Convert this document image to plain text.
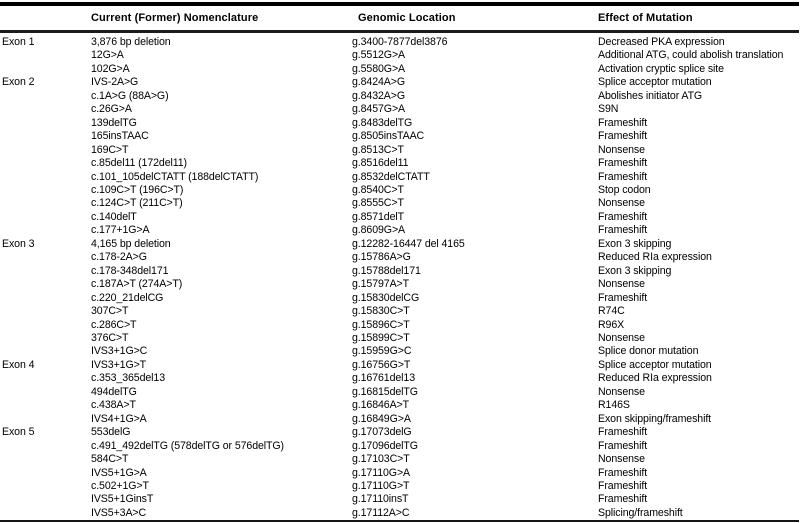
	Current (Former) Nomenclature	Genomic Location	Effect of Mutation
Exon 1	3,876 bp deletion	g.3400-7877del3876	Decreased PKA expression
	12G>A	g.5512G>A	Additional ATG, could abolish translation
	102G>A	g.5580G>A	Activation cryptic splice site
Exon 2	IVS-2A>G	g.8424A>G	Splice acceptor mutation
	c.1A>G (88A>G)	g.8432A>G	Abolishes initiator ATG
	c.26G>A	g.8457G>A	S9N
	139delTG	g.8483delTG	Frameshift
	165insTAAC	g.8505insTAAC	Frameshift
	169C>T	g.8513C>T	Nonsense
	c.85del11 (172del11)	g.8516del11	Frameshift
	c.101_105delCTATT (188delCTATT)	g.8532delCTATT	Frameshift
	c.109C>T (196C>T)	g.8540C>T	Stop codon
	c.124C>T (211C>T)	g.8555C>T	Nonsense
	c.140delT	g.8571delT	Frameshift
	c.177+1G>A	g.8609G>A	Frameshift
Exon 3	4,165 bp deletion	g.12282-16447 del 4165	Exon 3 skipping
	c.178-2A>G	g.15786A>G	Reduced RIa expression
	c.178-348del171	g.15788del171	Exon 3 skipping
	c.187A>T (274A>T)	g.15797A>T	Nonsense
	c.220_21delCG	g.15830delCG	Frameshift
	307C>T	g.15830C>T	R74C
	c.286C>T	g.15896C>T	R96X
	376C>T	g.15899C>T	Nonsense
	IVS3+1G>C	g.15959G>C	Splice donor mutation
Exon 4	IVS3+1G>T	g.16756G>T	Splice acceptor mutation
	c.353_365del13	g.16761del13	Reduced RIa expression
	494delTG	g.16815delTG	Nonsense
	c.438A>T	g.16846A>T	R146S
	IVS4+1G>A	g.16849G>A	Exon skipping/frameshift
Exon 5	553delG	g.17073delG	Frameshift
	c.491_492delTG (578delTG or 576delTG)	g.17096delTG	Frameshift
	584C>T	g.17103C>T	Nonsense
	IVS5+1G>A	g.17110G>A	Frameshift
	c.502+1G>T	g.17110G>T	Frameshift
	IVS5+1GinsT	g.17110insT	Frameshift
	IVS5+3A>C	g.17112A>C	Splicing/frameshift
